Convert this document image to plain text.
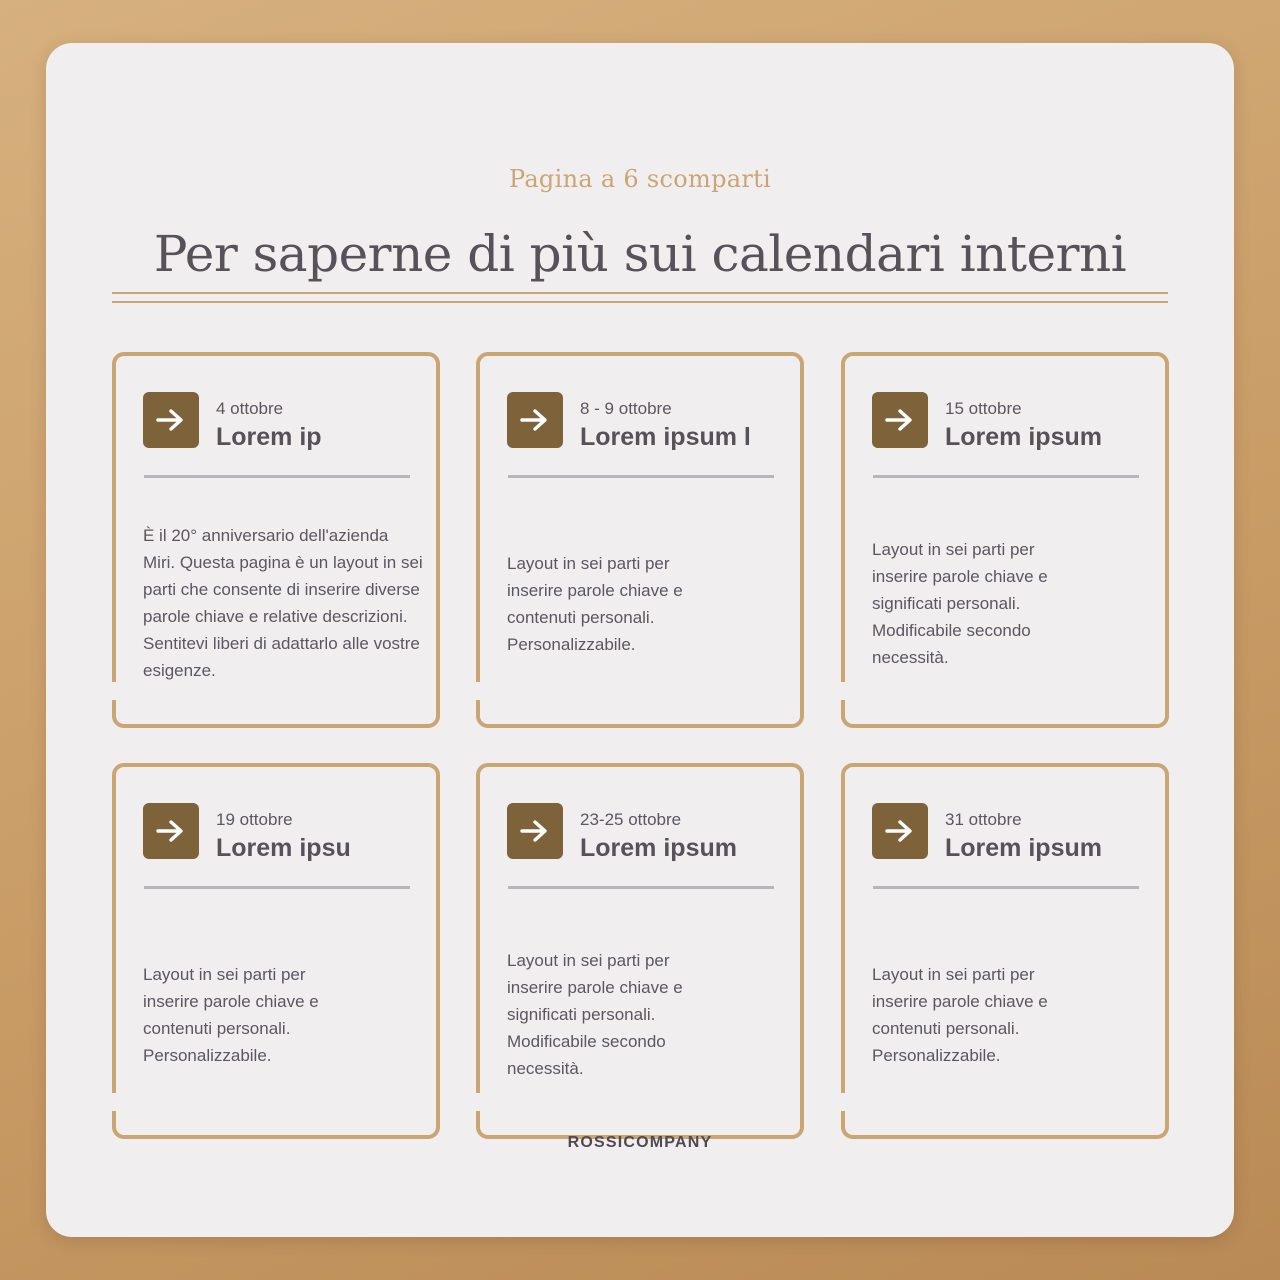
Pagina a 6 scomparti

Per saperne di più sui calendari interni

4 ottobre

Lorem ip

È il 20° anniversario dell'azienda Miri. Questa pagina è un layout in sei parti che consente di inserire diverse parole chiave e relative descrizioni. Sentitevi liberi di adattarlo alle vostre esigenze.

8 - 9 ottobre

Lorem ipsum l

Layout in sei parti per inserire parole chiave e contenuti personali. Personalizzabile.

15 ottobre

Lorem ipsum

Layout in sei parti per inserire parole chiave e significati personali. Modificabile secondo necessità.

19 ottobre

Lorem ipsu

Layout in sei parti per inserire parole chiave e contenuti personali. Personalizzabile.

23-25 ottobre

Lorem ipsum

Layout in sei parti per inserire parole chiave e significati personali. Modificabile secondo necessità.

31 ottobre

Lorem ipsum

Layout in sei parti per inserire parole chiave e contenuti personali. Personalizzabile.

ROSSICOMPANY
